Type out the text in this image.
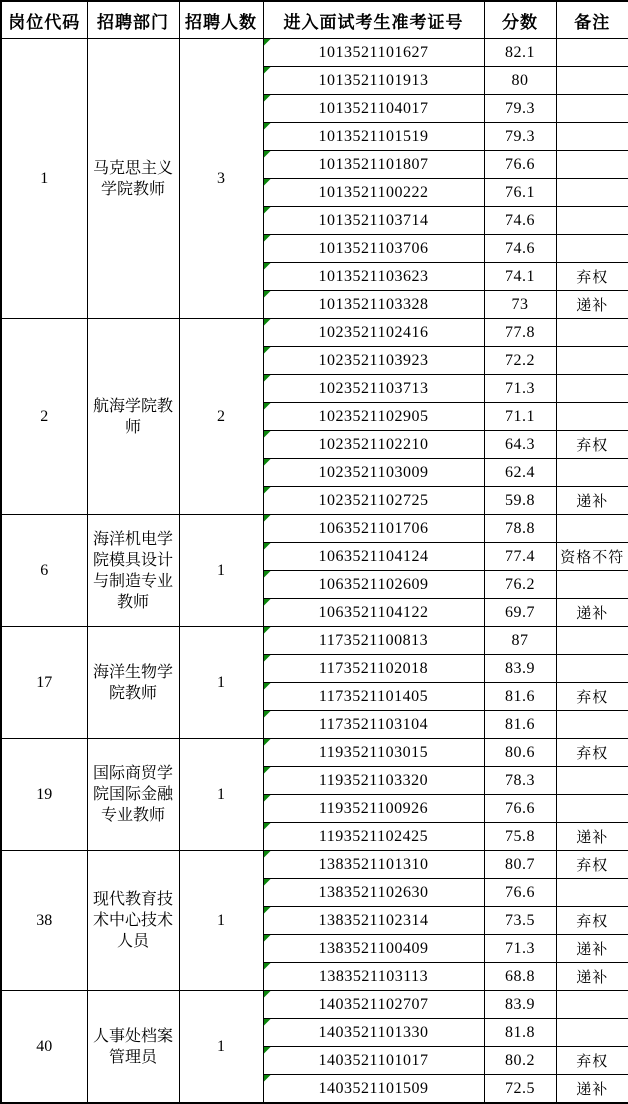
岗位代码	招聘部门	招聘人数	进入面试考生准考证号	分数	备注
1	马克思主义学院教师	3	1013521101627	82.1	

1013521101913	80	

1013521104017	79.3	

1013521101519	79.3	

1013521101807	76.6	

1013521100222	76.1	

1013521103714	74.6	

1013521103706	74.6	

1013521103623	74.1	弃权

1013521103328	73	递补
2	航海学院教师	2	1023521102416	77.8	

1023521103923	72.2	

1023521103713	71.3	

1023521102905	71.1	

1023521102210	64.3	弃权

1023521103009	62.4	

1023521102725	59.8	递补
6	海洋机电学院模具设计与制造专业教师	1	1063521101706	78.8	

1063521104124	77.4	资格不符

1063521102609	76.2	

1063521104122	69.7	递补
17	海洋生物学院教师	1	1173521100813	87	

1173521102018	83.9	

1173521101405	81.6	弃权

1173521103104	81.6	
19	国际商贸学院国际金融专业教师	1	1193521103015	80.6	弃权

1193521103320	78.3	

1193521100926	76.6	

1193521102425	75.8	递补
38	现代教育技术中心技术人员	1	1383521101310	80.7	弃权

1383521102630	76.6	

1383521102314	73.5	弃权

1383521100409	71.3	递补

1383521103113	68.8	递补
40	人事处档案管理员	1	1403521102707	83.9	

1403521101330	81.8	

1403521101017	80.2	弃权

1403521101509	72.5	递补
